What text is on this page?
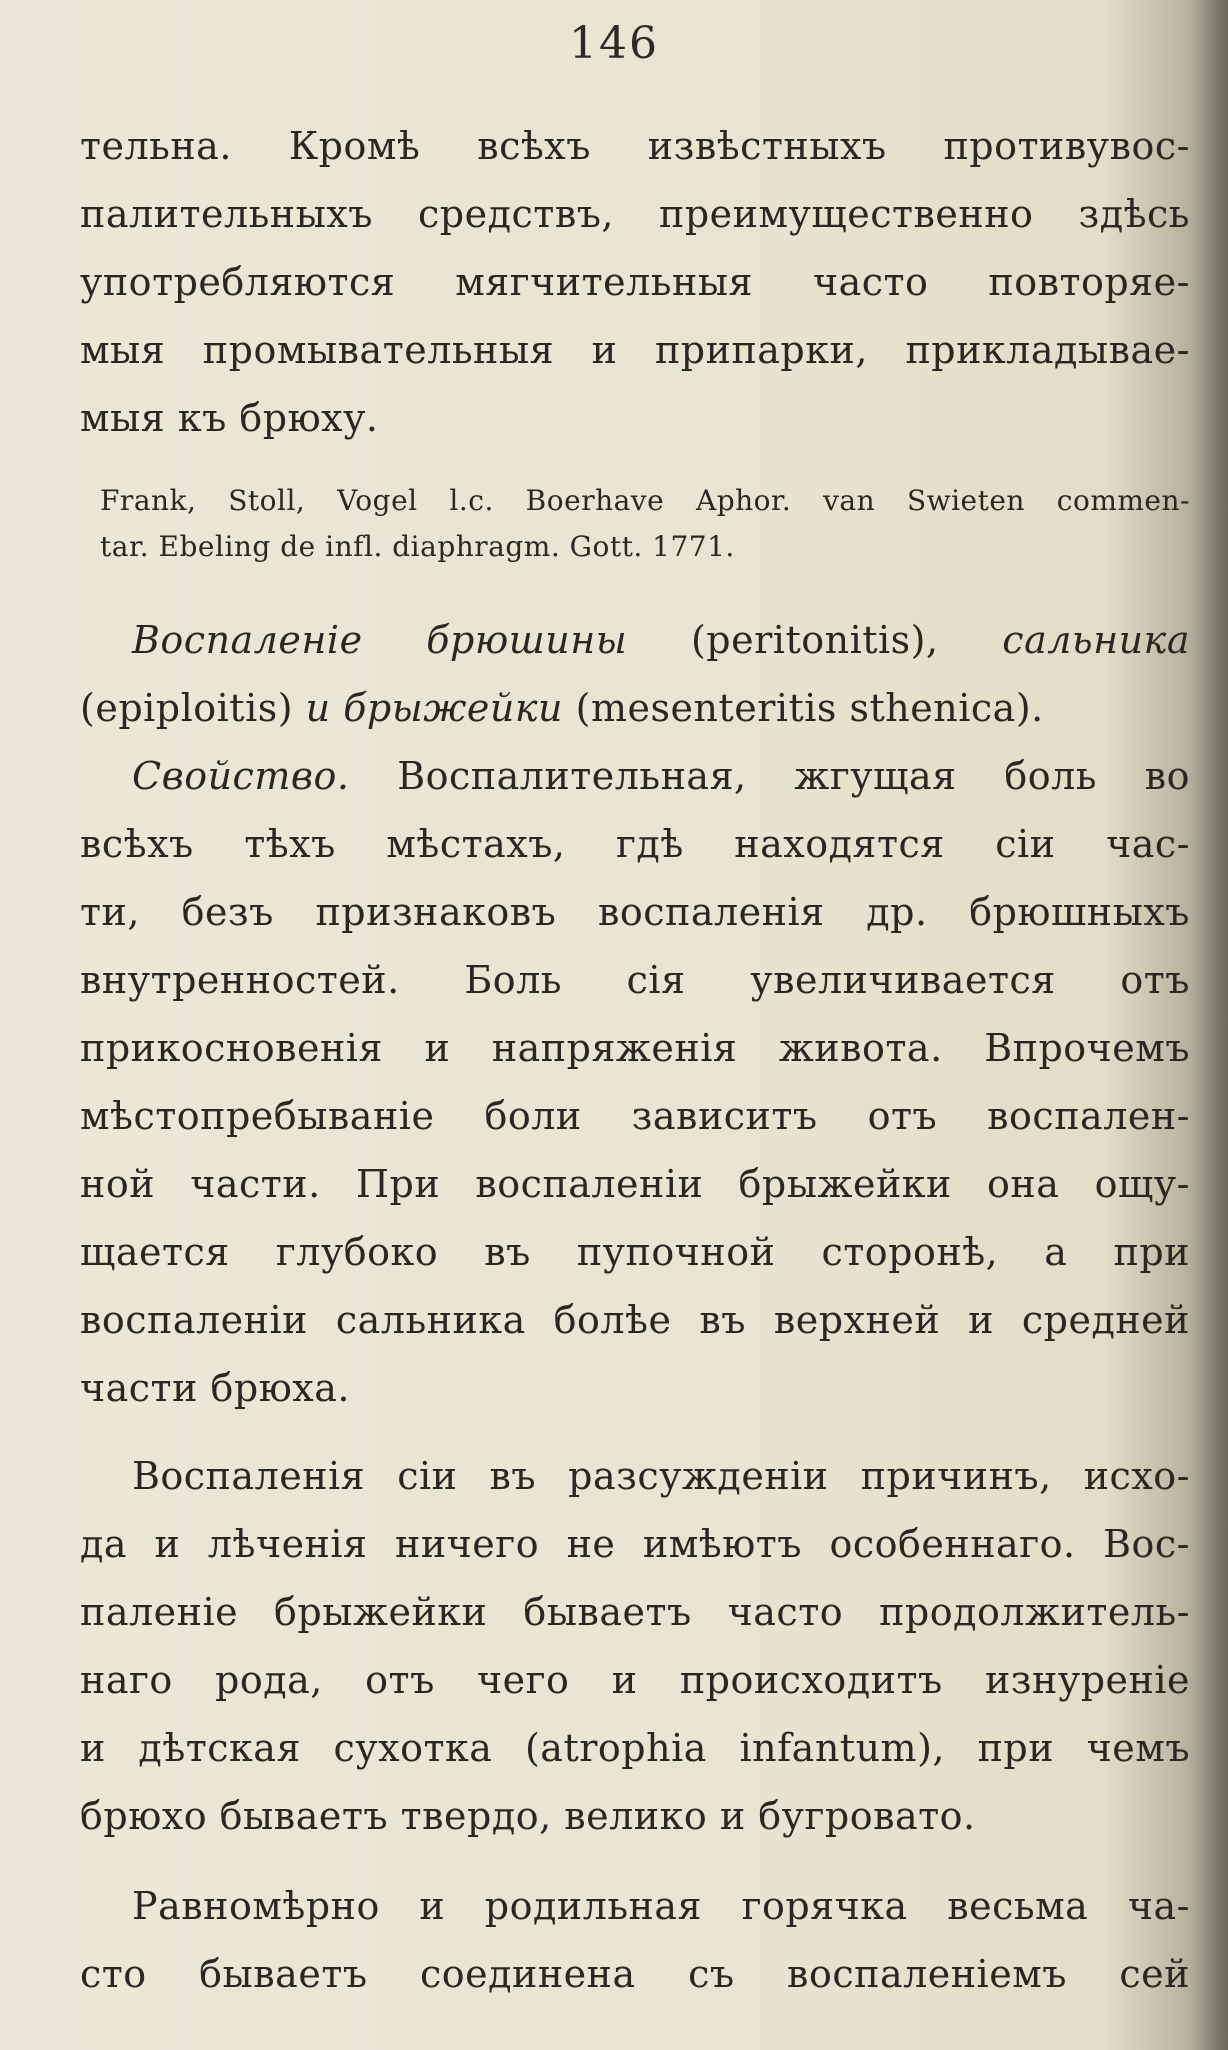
146
тельна. Кромѣ всѣхъ извѣстныхъ противувос-
палительныхъ средствъ, преимущественно здѣсь
употребляются мягчительныя часто повторяе-
мыя промывательныя и припарки, прикладывае-
мыя къ брюху.
Frank, Stoll, Vogel l.c. Boerhave Aphor. van Swieten commen-
tar. Ebeling de infl. diaphragm. Gott. 1771.
Воспаленіе брюшины (peritonitis), сальника
(epiploitis) и брыжейки (mesenteritis sthenica).
Свойство. Воспалительная, жгущая боль во
всѣхъ тѣхъ мѣстахъ, гдѣ находятся сіи час-
ти, безъ признаковъ воспаленія др. брюшныхъ
внутренностей. Боль сія увеличивается отъ
прикосновенія и напряженія живота. Впрочемъ
мѣстопребываніе боли зависитъ отъ воспален-
ной части. При воспаленіи брыжейки она ощу-
щается глубоко въ пупочной сторонѣ, а при
воспаленіи сальника болѣе въ верхней и средней
части брюха.
Воспаленія сіи въ разсужденіи причинъ, исхо-
да и лѣченія ничего не имѣютъ особеннаго. Вос-
паленіе брыжейки бываетъ часто продолжитель-
наго рода, отъ чего и происходитъ изнуреніе
и дѣтская сухотка (atrophia infantum), при чемъ
брюхо бываетъ твердо, велико и бугровато.
Равномѣрно и родильная горячка весьма ча-
сто бываетъ соединена съ воспаленіемъ сей
